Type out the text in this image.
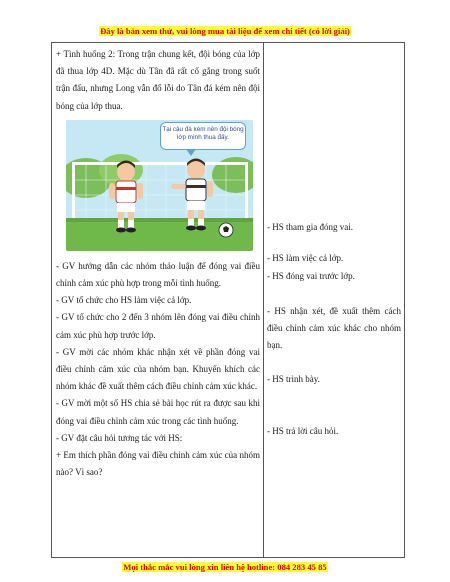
Đây là bản xem thử, vui lòng mua tài liệu để xem chi tiết (có lời giải)

+ Tình huống 2: Trong trận chung kết, đội bóng của lớp đã thua lớp 4D. Mặc dù Tân đã rất cố gắng trong suốt trận đấu, nhưng Long vẫn đổ lỗi do Tân đá kém nên đội bóng của lớp thua.

Tại cậu đá kém nên đội bóng lớp mình thua đấy.

- GV hướng dẫn các nhóm thảo luận để đóng vai điều chỉnh cảm xúc phù hợp trong mỗi tình huống.

- GV tổ chức cho HS làm việc cả lớp.

- GV tổ chức cho 2 đến 3 nhóm lên đóng vai điều chỉnh cảm xúc phù hợp trước lớp.

- GV mời các nhóm khác nhận xét về phần đóng vai điều chỉnh cảm xúc của nhóm bạn. Khuyến khích các nhóm khác đề xuất thêm cách điều chỉnh cảm xúc khác.

- GV mời một số HS chia sẻ bài học rút ra được sau khi đóng vai điều chỉnh cảm xúc trong các tình huống.

- GV đặt câu hỏi tương tác với HS:

+ Em thích phần đóng vai điều chỉnh cảm xúc của nhóm nào? Vì sao?

- HS tham gia đóng vai.

- HS làm việc cả lớp.

- HS đóng vai trước lớp.

- HS nhận xét, đề xuất thêm cách điều chỉnh cảm xúc khác cho nhóm bạn.

- HS trình bày.

- HS trả lời câu hỏi.

Mọi thắc mắc vui lòng xin liên hệ hotline: 084 283 45 85
